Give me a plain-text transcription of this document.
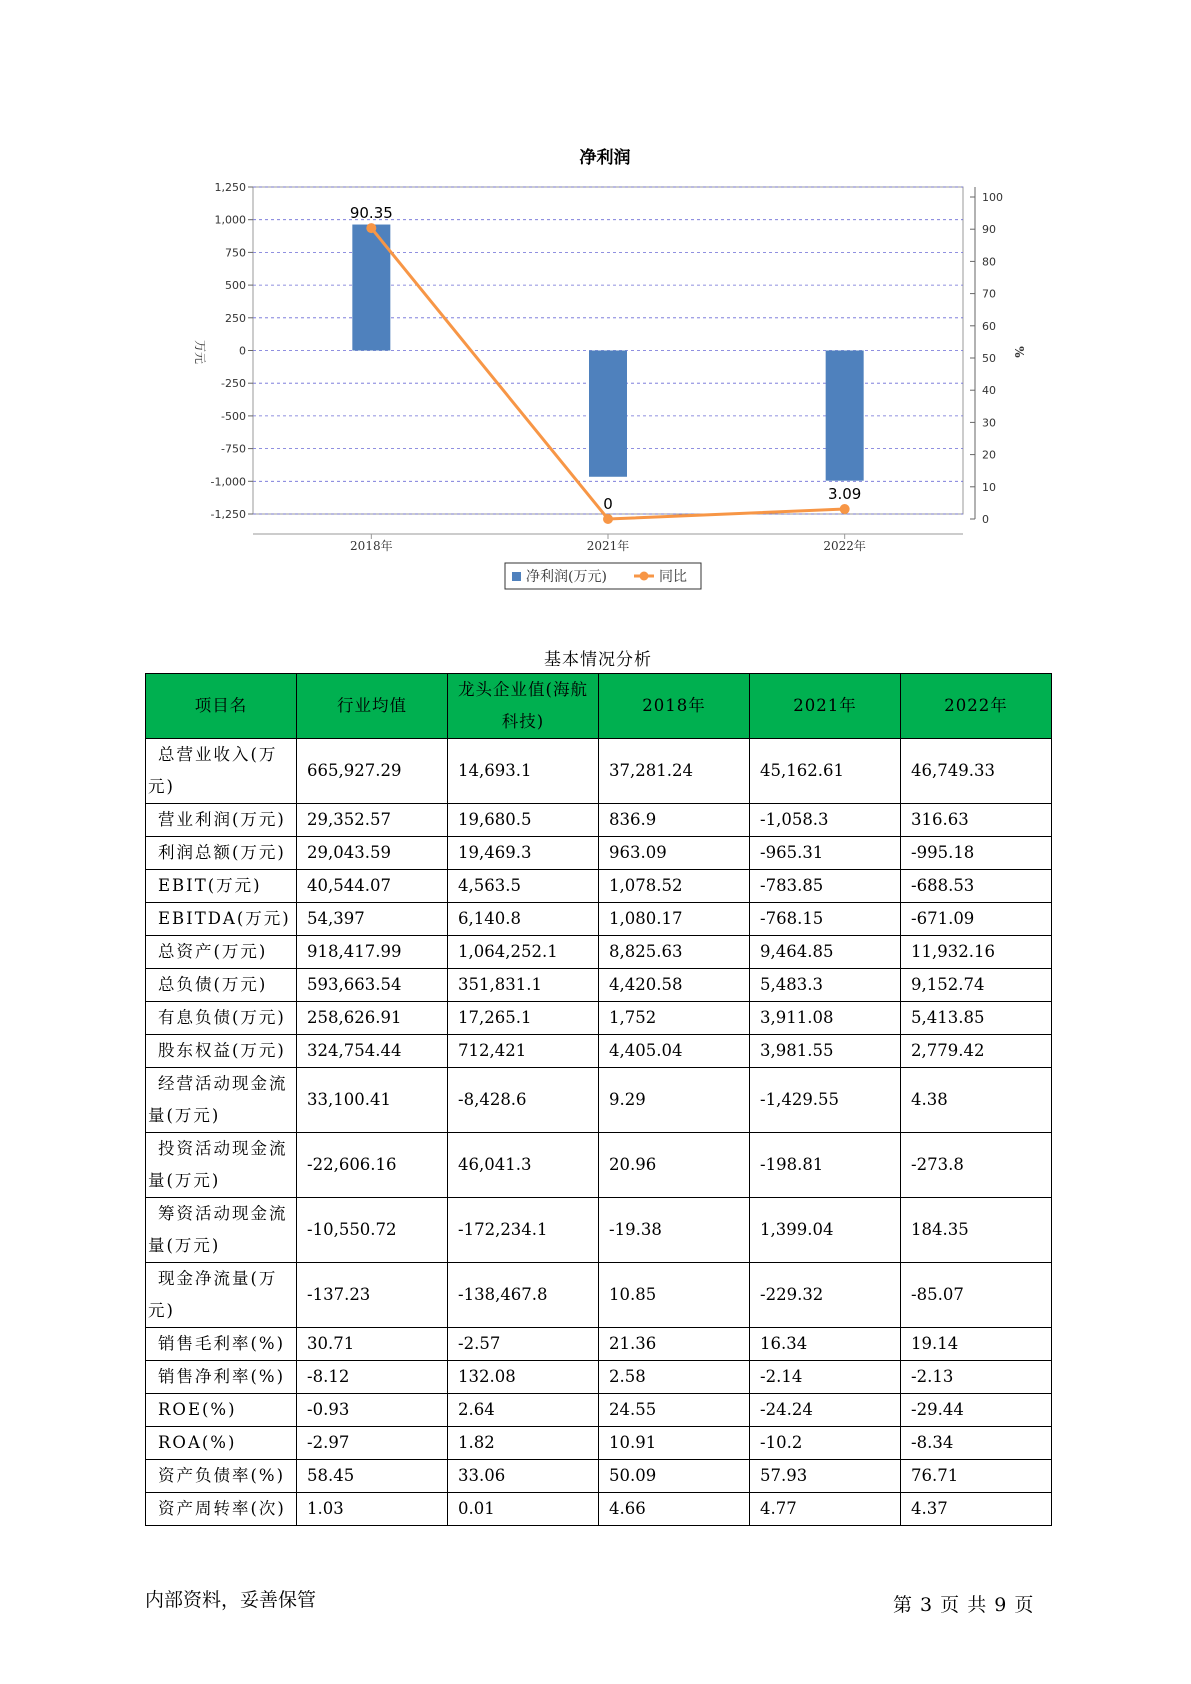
净利润
1,250
1,000
750
500
250
0
-250
-500
-750
-1,000
-1,250
100
90
80
70
60
50
40
30
20
10
0
2018年	2021年	2022年
万元	%
90.35
0
3.09
净利润(万元)	同比
基本情况分析
项目名	行业均值	龙头企业值(海航科技)	2018年	2021年	2022年
总营业收入(万元)	665,927.29	14,693.1	37,281.24	45,162.61	46,749.33
营业利润(万元)	29,352.57	19,680.5	836.9	-1,058.3	316.63
利润总额(万元)	29,043.59	19,469.3	963.09	-965.31	-995.18
EBIT(万元)	40,544.07	4,563.5	1,078.52	-783.85	-688.53
EBITDA(万元)	54,397	6,140.8	1,080.17	-768.15	-671.09
总资产(万元)	918,417.99	1,064,252.1	8,825.63	9,464.85	11,932.16
总负债(万元)	593,663.54	351,831.1	4,420.58	5,483.3	9,152.74
有息负债(万元)	258,626.91	17,265.1	1,752	3,911.08	5,413.85
股东权益(万元)	324,754.44	712,421	4,405.04	3,981.55	2,779.42
经营活动现金流量(万元)	33,100.41	-8,428.6	9.29	-1,429.55	4.38
投资活动现金流量(万元)	-22,606.16	46,041.3	20.96	-198.81	-273.8
筹资活动现金流量(万元)	-10,550.72	-172,234.1	-19.38	1,399.04	184.35
现金净流量(万元)	-137.23	-138,467.8	10.85	-229.32	-85.07
销售毛利率(%)	30.71	-2.57	21.36	16.34	19.14
销售净利率(%)	-8.12	132.08	2.58	-2.14	-2.13
ROE(%)	-0.93	2.64	24.55	-24.24	-29.44
ROA(%)	-2.97	1.82	10.91	-10.2	-8.34
资产负债率(%)	58.45	33.06	50.09	57.93	76.71
资产周转率(次)	1.03	0.01	4.66	4.77	4.37
内部资料，妥善保管	第 3 页 共 9 页
